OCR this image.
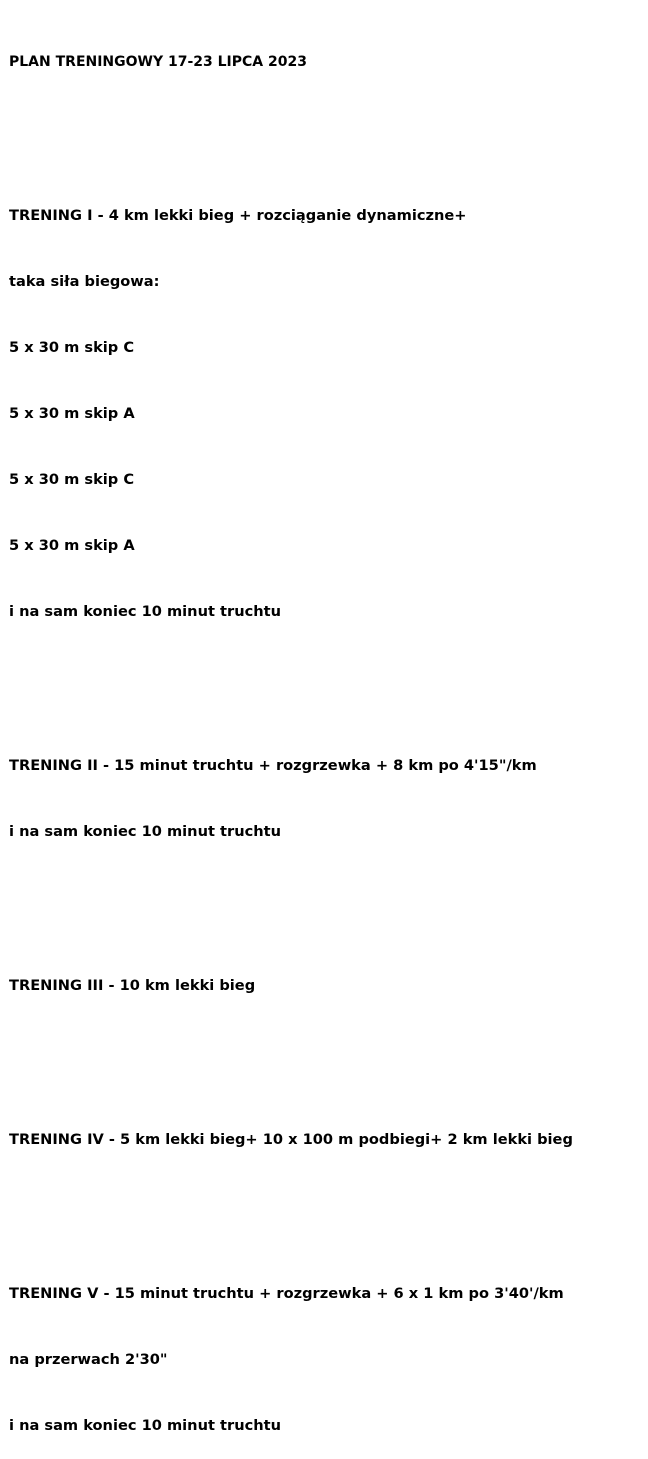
PLAN TRENINGOWY 17-23 LIPCA 2023

TRENING I - 4 km lekki bieg + rozciąganie dynamiczne+

taka siła biegowa:

5 x 30 m skip C

5 x 30 m skip A

5 x 30 m skip C

5 x 30 m skip A

i na sam koniec 10 minut truchtu

TRENING II - 15 minut truchtu + rozgrzewka + 8 km po 4'15"/km

i na sam koniec 10 minut truchtu

TRENING III - 10 km lekki bieg

TRENING IV - 5 km lekki bieg+ 10 x 100 m podbiegi+ 2 km lekki bieg

TRENING V - 15 minut truchtu + rozgrzewka + 6 x 1 km po 3'40'/km

na przerwach 2'30"

i na sam koniec 10 minut truchtu
